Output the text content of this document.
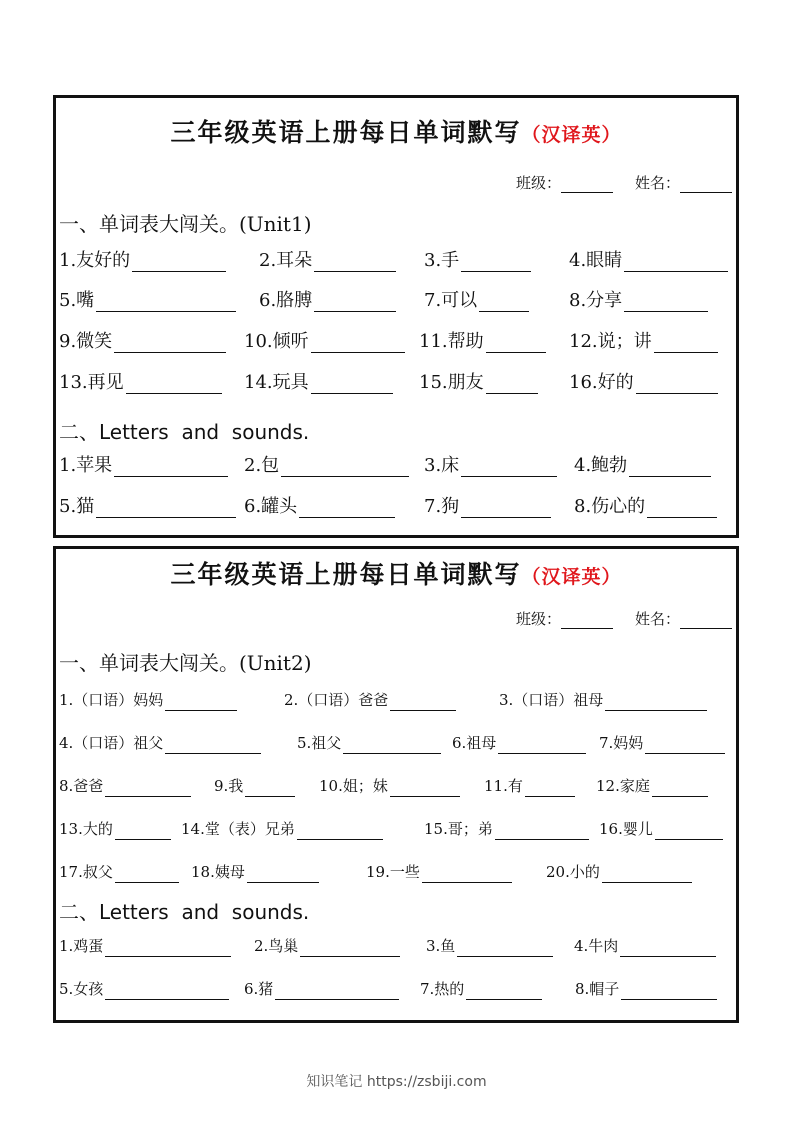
三年级英语上册每日单词默写（汉译英）
班级：	姓名：
一、单词表大闯关。(Unit1)
1.友好的	2.耳朵	3.手	4.眼睛
5.嘴	6.胳膊	7.可以	8.分享
9.微笑	10.倾听	11.帮助	12.说；讲
13.再见	14.玩具	15.朋友	16.好的
二、Letters  and  sounds.
1.苹果	2.包	3.床	4.鲍勃
5.猫	6.罐头	7.狗	8.伤心的
三年级英语上册每日单词默写（汉译英）
班级：	姓名：
一、单词表大闯关。(Unit2)
1.（口语）妈妈	2.（口语）爸爸	3.（口语）祖母
4.（口语）祖父	5.祖父	6.祖母	7.妈妈
8.爸爸	9.我	10.姐；妹	11.有	12.家庭
13.大的	14.堂（表）兄弟	15.哥；弟	16.婴儿
17.叔父	18.姨母	19.一些	20.小的
二、Letters  and  sounds.
1.鸡蛋	2.鸟巢	3.鱼	4.牛肉
5.女孩	6.猪	7.热的	8.帽子
知识笔记 https://zsbiji.com
